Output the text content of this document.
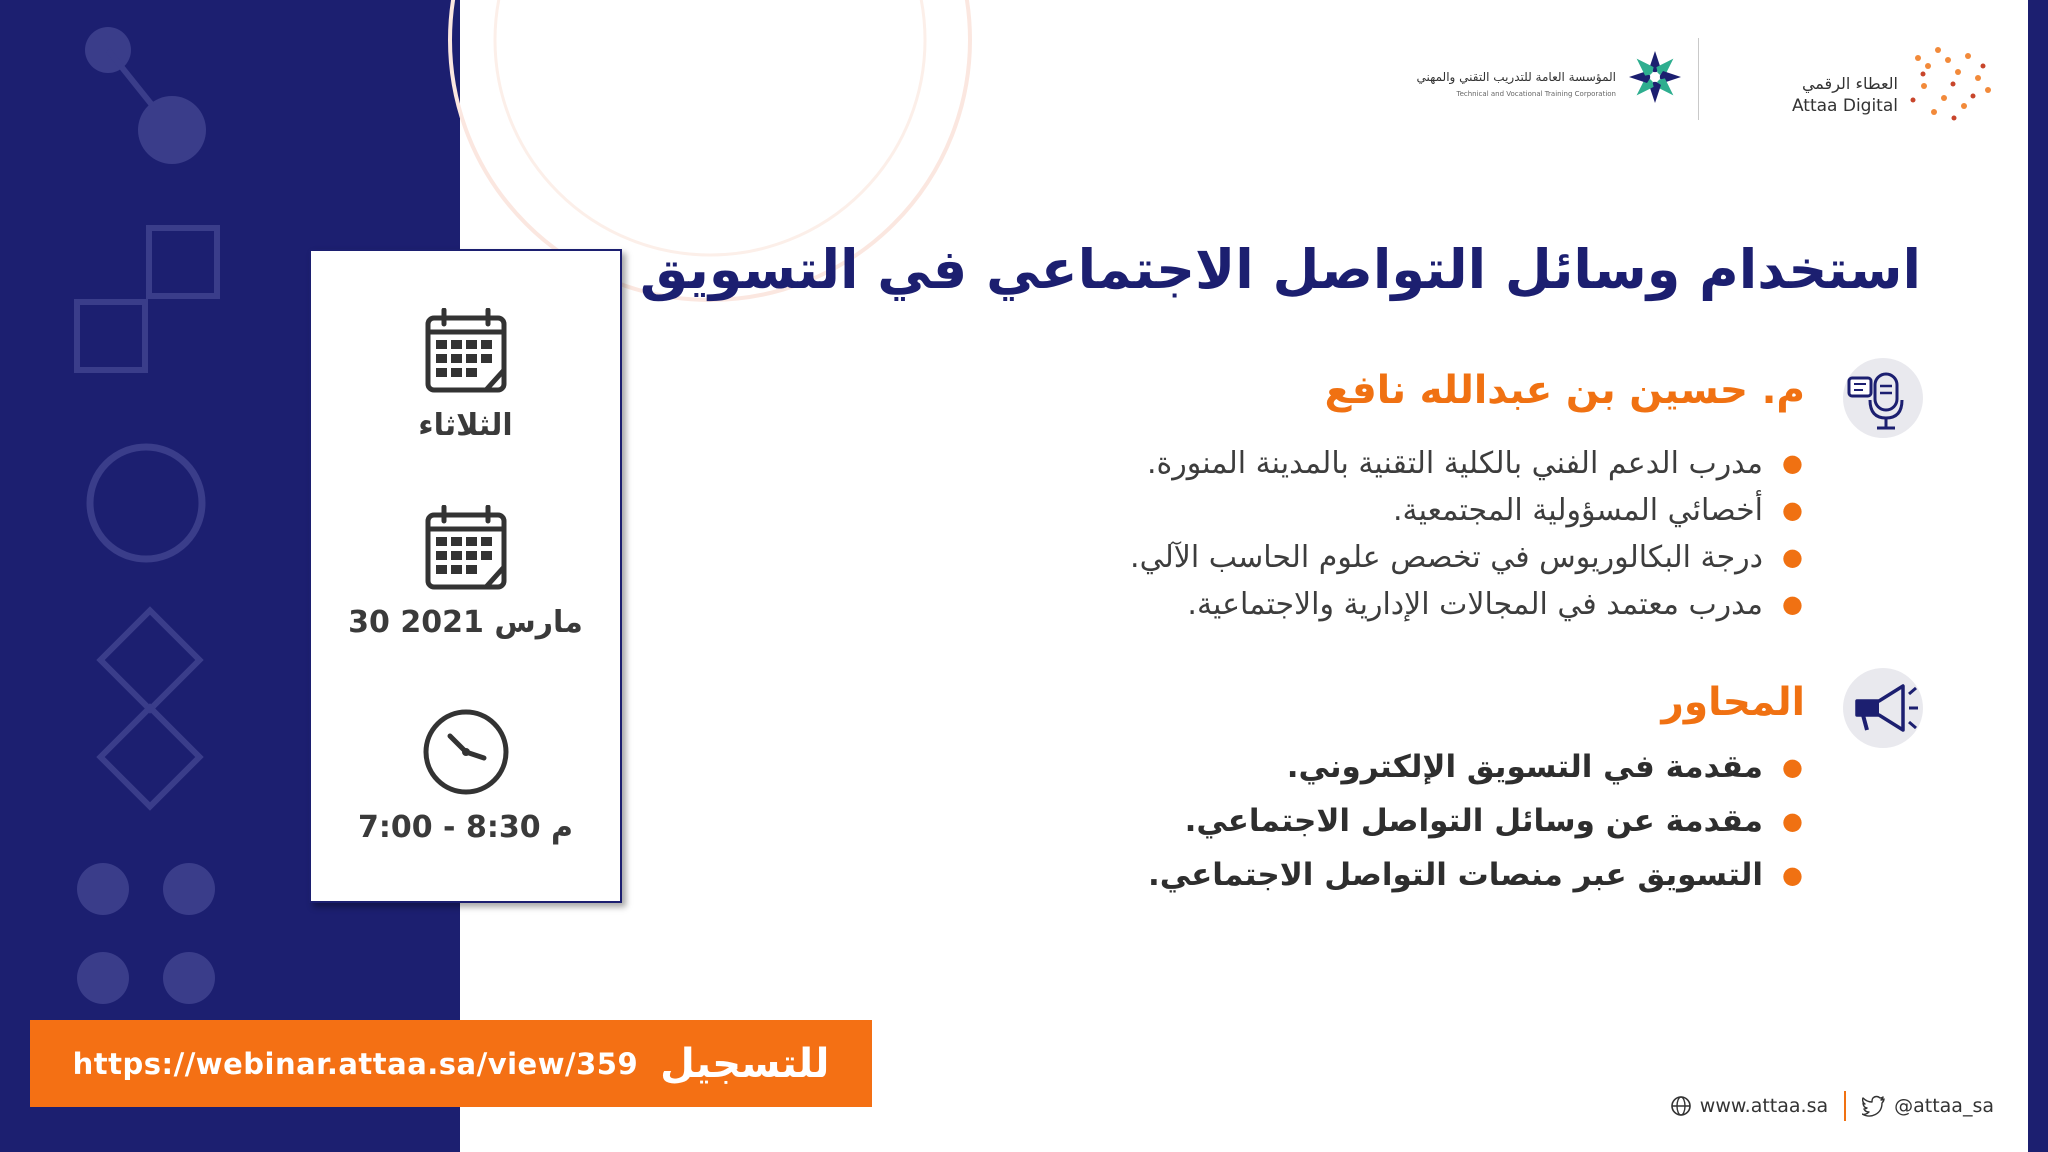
العطاء الرقمي
Attaa Digital
المؤسسة العامة للتدريب التقني والمهني
Technical and Vocational Training Corporation
استخدام وسائل التواصل الاجتماعي في التسويق
م. حسين بن عبدالله نافع
●
مدرب الدعم الفني بالكلية التقنية بالمدينة المنورة.
●
أخصائي المسؤولية المجتمعية.
●
درجة البكالوريوس في تخصص علوم الحاسب الآلي.
●
مدرب معتمد في المجالات الإدارية والاجتماعية.
المحاور
●
مقدمة في التسويق الإلكتروني.
●
مقدمة عن وسائل التواصل الاجتماعي.
●
التسويق عبر منصات التواصل الاجتماعي.
الثلاثاء
30 مارس 2021
7:00 - 8:30 م
للتسجيل
https://webinar.attaa.sa/view/359
www.attaa.sa	@attaa_sa
